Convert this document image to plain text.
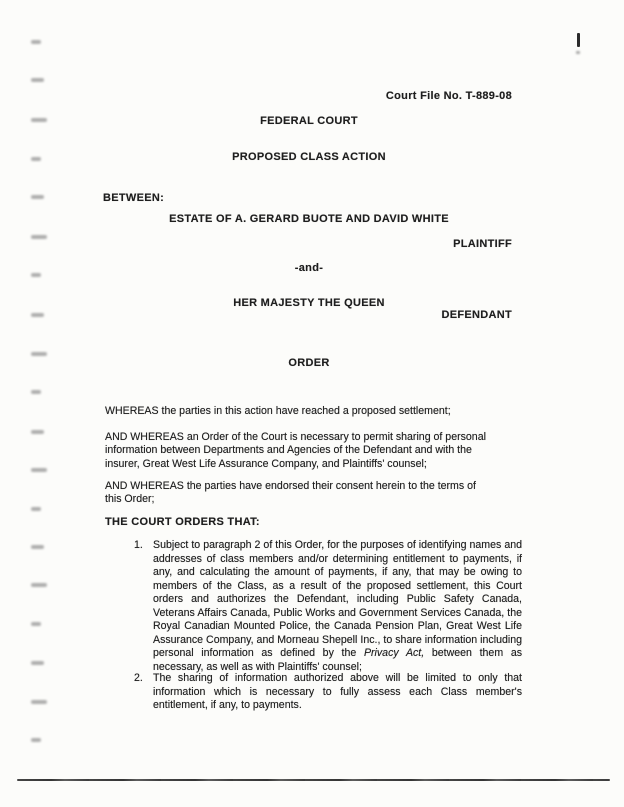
Court File No. T-889-08
FEDERAL COURT
PROPOSED CLASS ACTION
BETWEEN:
ESTATE OF A. GERARD BUOTE AND DAVID WHITE
PLAINTIFF
-and-
HER MAJESTY THE QUEEN
DEFENDANT
ORDER

WHEREAS the parties in this action have reached a proposed settlement;

AND WHEREAS an Order of the Court is necessary to permit sharing of personal information between Departments and Agencies of the Defendant and with the insurer, Great West Life Assurance Company, and Plaintiffs' counsel;

AND WHEREAS the parties have endorsed their consent herein to the terms of this Order;

THE COURT ORDERS THAT:
1. Subject to paragraph 2 of this Order, for the purposes of identifying names and addresses of class members and/or determining entitlement to payments, if any, and calculating the amount of payments, if any, that may be owing to members of the Class, as a result of the proposed settlement, this Court orders and authorizes the Defendant, including Public Safety Canada, Veterans Affairs Canada, Public Works and Government Services Canada, the Royal Canadian Mounted Police, the Canada Pension Plan, Great West Life Assurance Company, and Morneau Shepell Inc., to share information including personal information as defined by the Privacy Act, between them as necessary, as well as with Plaintiffs' counsel;
2. The sharing of information authorized above will be limited to only that information which is necessary to fully assess each Class member's entitlement, if any, to payments.
